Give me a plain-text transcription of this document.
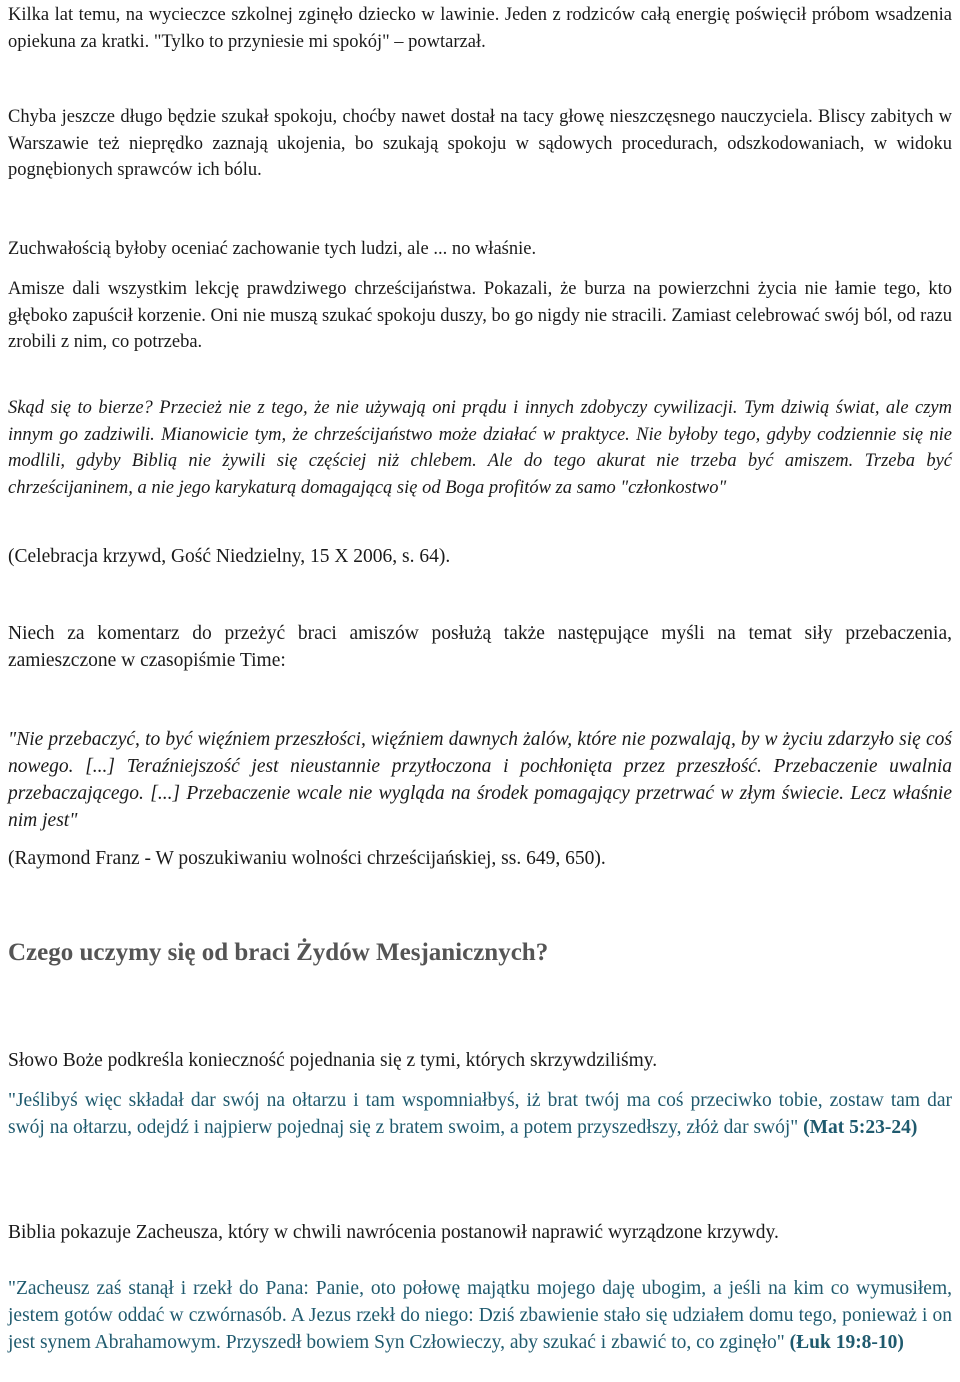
Kilka lat temu, na wycieczce szkolnej zginęło dziecko w lawinie. Jeden z rodziców całą energię poświęcił próbom wsadzenia opiekuna za kratki. "Tylko to przyniesie mi spokój" – powtarzał.

Chyba jeszcze długo będzie szukał spokoju, choćby nawet dostał na tacy głowę nieszczęsnego nauczyciela. Bliscy zabitych w Warszawie też nieprędko zaznają ukojenia, bo szukają spokoju w sądowych procedurach, odszkodowaniach, w widoku pognębionych sprawców ich bólu.

Zuchwałością byłoby oceniać zachowanie tych ludzi, ale ... no właśnie.

Amisze dali wszystkim lekcję prawdziwego chrześcijaństwa. Pokazali, że burza na powierzchni życia nie łamie tego, kto głęboko zapuścił korzenie. Oni nie muszą szukać spokoju duszy, bo go nigdy nie stracili. Zamiast celebrować swój ból, od razu zrobili z nim, co potrzeba.

Skąd się to bierze? Przecież nie z tego, że nie używają oni prądu i innych zdobyczy cywilizacji. Tym dziwią świat, ale czym innym go zadziwili. Mianowicie tym, że chrześcijaństwo może działać w praktyce. Nie byłoby tego, gdyby codziennie się nie modlili, gdyby Biblią nie żywili się częściej niż chlebem. Ale do tego akurat nie trzeba być amiszem. Trzeba być chrześcijaninem, a nie jego karykaturą domagającą się od Boga profitów za samo "członkostwo"

(Celebracja krzywd, Gość Niedzielny, 15 X 2006, s. 64).

Niech za komentarz do przeżyć braci amiszów posłużą także następujące myśli na temat siły przebaczenia, zamieszczone w czasopiśmie Time:

"Nie przebaczyć, to być więźniem przeszłości, więźniem dawnych żalów, które nie pozwalają, by w życiu zdarzyło się coś nowego. [...] Teraźniejszość jest nieustannie przytłoczona i pochłonięta przez przeszłość. Przebaczenie uwalnia przebaczającego. [...] Przebaczenie wcale nie wygląda na środek pomagający przetrwać w złym świecie. Lecz właśnie nim jest"

(Raymond Franz - W poszukiwaniu wolności chrześcijańskiej, ss. 649, 650).

Czego uczymy się od braci Żydów Mesjanicznych?

Słowo Boże podkreśla konieczność pojednania się z tymi, których skrzywdziliśmy.

"Jeślibyś więc składał dar swój na ołtarzu i tam wspomniałbyś, iż brat twój ma coś przeciwko tobie, zostaw tam dar swój na ołtarzu, odejdź i najpierw pojednaj się z bratem swoim, a potem przyszedłszy, złóż dar swój" (Mat 5:23-24)

Biblia pokazuje Zacheusza, który w chwili nawrócenia postanowił naprawić wyrządzone krzywdy.

"Zacheusz zaś stanął i rzekł do Pana: Panie, oto połowę majątku mojego daję ubogim, a jeśli na kim co wymusiłem, jestem gotów oddać w czwórnasób. A Jezus rzekł do niego: Dziś zbawienie stało się udziałem domu tego, ponieważ i on jest synem Abrahamowym. Przyszedł bowiem Syn Człowieczy, aby szukać i zbawić to, co zginęło" (Łuk 19:8-10)
